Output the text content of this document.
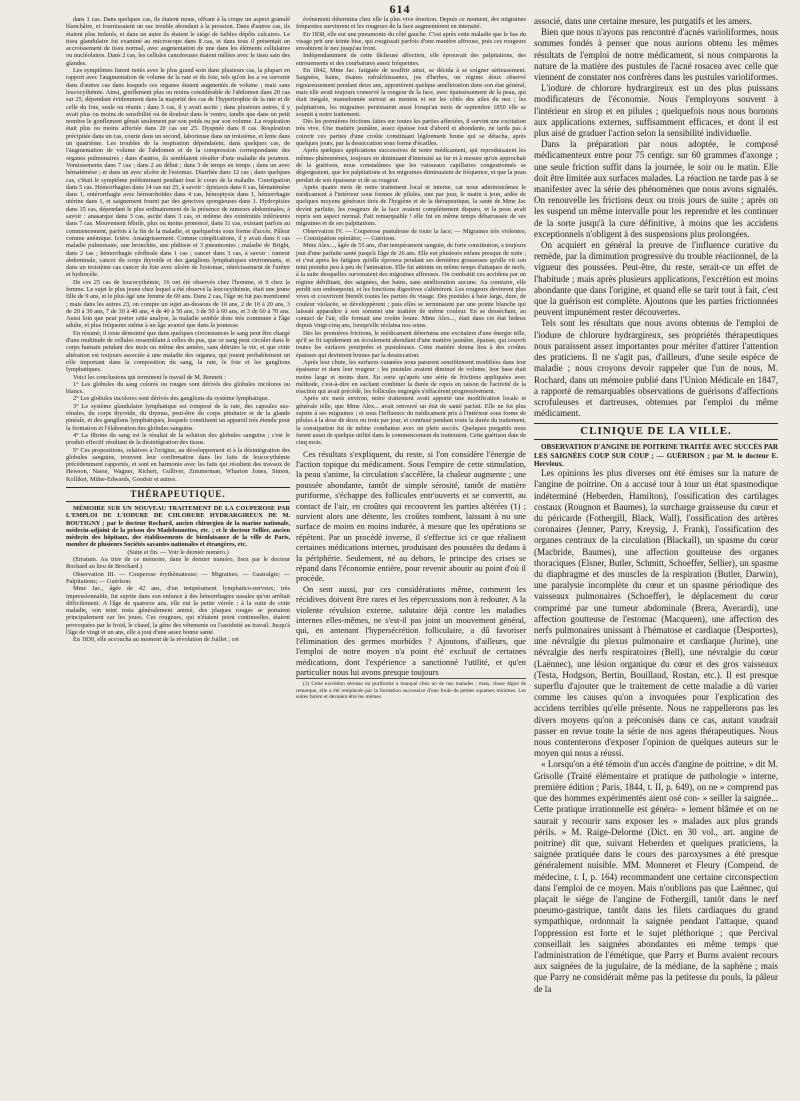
614

dans 1 cas. Dans quelques cas, ils étaient mous, offrant à la coupe un aspect granulé blanchâtre, et fournissaient un suc trouble abondant à la pression. Dans d'autres cas, ils étaient plus indurés, et dans un autre ils étaient le siége de faibles dépôts calcaires. Le tissu glandulaire fut examiné au microscope dans 8 cas, et dans tous il présentait un accroissement de tissu normal, avec augmentation de une dans les éléments cellulaires ou nucléolaires. Dans 2 cas, les cellules cancéreuses étaient mêlées avec le tissu sain des glandes.

Les symptômes furent notés avec le plus grand soin dans plusieurs cas, la plupart en rapport avec l'augmentation de volume de la rate et du foie, tels qu'on les a vu survenir dans d'autres cas dans lesquels ces organes étaient augmentés de volume ; mais sans leucocythémie. Ainsi, gonflement plus ou moins considérable de l'abdomen dans 20 cas sur 25, dépendant évidemment dans la majorité des cas de l'hypertrophie de la rate et de celle du foie, seule ou réunie ; dans 5 cas, il y avait ascite ; dans plusieurs autres, il y avait plus ou moins de sensibilité ou de douleur dans le ventre, tandis que dans un petit nombre le gonflement gênait seulement par son poids ou par son volume. La respiration était plus ou moins affectée dans 20 cas sur 25. Dyspnée dans 8 cas. Respiration précipitée dans un cas, courte dans un second, laborieuse dans un troisième, et lente dans un quatrième. Les troubles de la respiration dépendaient, dans quelques cas, de l'augmentation de volume de l'abdomen et de la compression correspondante des organes pulmonaires ; dans d'autres, ils semblaient résulter d'une maladie du poumon. Vomissements dans 7 cas ; dans 2 au début ; dans 3 de temps en temps ; dans un avec hématémèse ; et dans un avec ulcère de l'estomac. Diarrhée dans 12 cas ; dans quelques cas, c'était le symptôme prédominant pendant tout le cours de la maladie. Constipation dans 5 cas. Hémorrhagies dans 14 cas sur 25, à savoir : épistaxis dans 6 cas, hématémèse dans 1, entérorrhagie avec hémorrhoïdes dans 4 cas, hémoptysie dans 1, hémorrhagie utérine dans 1, et saignement fourni par des gencives spongieuses dans 1. Hydropisies dans 15 cas, dépendant le plus ordinairement de la présence de tumeurs abdominales, à savoir : anasarque dans 3 cas, ascite dans 3 cas, et œdème des extrémités inférieures dans 7 cas. Mouvement fébrile, plus ou moins prononcé, dans 11 cas, existant parfois au commencement, parfois à la fin de la maladie, et quelquefois sous forme d'accès. Pâleur comme anémique. Ictère. Amaigrissement. Comme complications, il y avait dans 6 cas maladie pulmonaire, une bronchite, une phthisie et 3 pneumonies ; maladie de Bright, dans 2 cas ; hémorrhagie cérébrale dans 1 cas ; cancer dans 3 cas, à savoir : tumeur abdominale, cancer du corps thyroïde et des ganglions lymphatiques environnants, et dans un troisième cas cancer du foie avec ulcère de l'estomac, rétrécissement de l'urètre et hydrocèle.

De ces 25 cas de leucocythémie, 16 ont été observés chez l'homme, et 9 chez la femme. Le sujet le plus jeune chez lequel a été observé la leucocythémie, était une jeune fille de 9 ans, et le plus âgé une femme de 69 ans. Dans 2 cas, l'âge ne fut pas mentionné ; mais dans les autres 23, on compte un sujet au-dessous de 10 ans, 2 de 10 à 20 ans, 3 de 20 à 30 ans, 7 de 30 à 40 ans, 4 de 40 à 50 ans, 3 de 50 à 60 ans, et 3 de 60 à 70 ans. Aussi loin que peut porter cette analyse, la maladie semble donc très commune à l'âge adulte, et plus fréquente même à un âge avancé que dans la jeunesse.

En résumé, il reste démontré que dans quelques circonstances le sang peut être chargé d'une multitude de cellules ressemblant à celles du pus, que ce sang peut circuler dans le corps humain pendant des mois ou même des années, sans détruire la vie, et que cette altération est toujours associée à une maladie des organes, qui jouent probablement un rôle important dans la composition du sang, la rate, le foie et les ganglions lymphatiques.

Voici les conclusions qui terminent le travail de M. Bennett :

1° Les globules du sang colorés ou rouges sont dérivés des globules incolores ou blancs.

2° Les globules incolores sont dérivés des ganglions du système lymphatique.

3° Le système glandulaire lymphatique est composé de la rate, des capsules sus-rénales, du corps thyroïde, du thymus, peut-être du corps pituitaire et de la glande pinéale, et des ganglions lymphatiques, lesquels constituent un appareil très étendu pour la formation et l'élaboration des globules sanguins.

4° La fibrine du sang est le résultat de la solution des globules sanguins ; c'est le produit effectif résultant de la désintégration des tissus.

5° Ces propositions, relatives à l'origine, au développement et à la désintégration des globules sanguins, trouvent leur confirmation dans les faits de leucocythémie précédemment rapportés, et sont en harmonie avec les faits qui résultent des travaux de Hewson, Nasse, Wagner, Richert, Gulliver, Zimmerman, Wharton Jones, Simon, Kolliker, Milne-Edwards, Goodsir et autres.

THÉRAPEUTIQUE.

MÉMOIRE SUR UN NOUVEAU TRAITEMENT DE LA COUPEROSE PAR L'EMPLOI DE L'IODURE DE CHLORURE HYDRARGIREUX DE M. BOUTIGNY ; par le docteur Rochard, ancien chirurgien de la marine nationale, médecin-adjoint de la prison des Madelonnettes, etc. ; et le docteur Sellier, ancien médecin des hôpitaux, des établissements de bienfaisance de la ville de Paris, membre de plusieurs Sociétés savantes nationales et étrangères, etc.

(Suite et fin. — Voir le dernier numéro.)

(Erratum. Au titre de ce mémoire, dans le dernier numéro, lisez par le docteur Rochard au lieu de Brochard.)

Observation III. — Couperose érythémateuse; — Migraines; — Gastralgie; — Palpitations; — Guérison.

Mme Jac., âgée de 42 ans, d'un tempérament lymphatico-nerveux, très impressionnable, fut sujette dans son enfance à des hémorrhagies nasales qu'on arrêtait difficilement. A l'âge de quatorze ans, elle eut la petite vérole ; à la suite de cette maladie, son teint resta généralement animé, des plaques rouges se portaient principalement sur les joues. Ces rougeurs, qui n'étaient point continuelles, étaient provoquées par le froid, le chaud, la gêne des vêtements ou l'assiduité au travail. Jusqu'à l'âge de vingt et un ans, elle a joui d'une assez bonne santé.

En 1830, elle accoucha au moment de la révolution de Juillet ; cet

événement détermina chez elle la plus vive émotion. Depuis ce moment, des migraines fréquentes survinrent et les rougeurs de la face augmentèrent en intensité.

En 1838, elle eut une pneumonie du côté gauche. C'est après cette maladie que le bas du visage prit une teinte bise, qui rougissait parfois d'une manière affreuse, puis ces rougeurs envahirent le nez jusqu'au front.

Indépendamment de cette fâcheuse affection, elle éprouvait des palpitations, des enrouements et des courbatures assez fréquentes.

En 1842, Mme Jac. fatiguée de souffrir ainsi, se décida à se soigner sérieusement. Saignées, bains, tisanes rafraîchissantes, jus d'herbes, un régime doux observé rigoureusement pendant deux ans, apportèrent quelque amélioration dans son état général, mais elle avait toujours conservé la rougeur de la face, avec épaississement de la peau, qui était inégale, mamelonnée surtout au menton et sur les côtés des ailes du nez ; les palpitations, les migraines persistaient aussi lorsqu'au mois de septembre 1850 elle se soumit à notre traitement.

Dès les premières frictions faites sur toutes les parties affectées, il survint une excitation très vive. Une matière jaunâtre, assez épaisse tout d'abord et abondante, ne tarda pas à couvrir ces parties d'une croûte constituant légèrement brune qui se détacha, après quelques jours, par la dessiccation sous forme d'écailles.

Après quelques applications successives de notre médicament, qui reproduisaient les mêmes phénomènes, toujours en diminuant d'intensité au fur et à mesure qu'on approchait de la guérison, nous constatâmes que les vaisseaux capillaires congestionnés se dégorgeaient, que les palpitations et les migraines diminuaient de fréquence, et que la peau perdait de son épaisseur et de sa rougeur.

Après quatre mois de notre traitement local et interne, car nous administrâmes le médicament à l'intérieur sous formes de pilules, une par jour, le matin à jeun, aidée de quelques moyens généraux tirés de l'hygiène et de la thérapeutique, la santé de Mme Jac devint parfaite, les rougeurs de la face avaient complètement disparu, et la peau avait repris son aspect normal. Fait remarquable ! elle fut en même temps débarrassée de ses migraines et de ses palpitations.

Observation IV. — Couperose pustuleuse de toute la face; — Migraines très violentes; — Constipation opiniâtre; — Guérison.

Mme Alex..., âgée de 55 ans, d'un tempérament sanguin, de forte constitution, a toujours joui d'une parfaite santé jusqu'à l'âge de 26 ans. Elle eut plusieurs enfans presque de suite ; et c'est après les fatigues qu'elle éprouva pendant ses dernières grossesses qu'elle vit son teint prendre peu à peu de l'animation. Elle fut atteinte en même temps d'attaques de nerfs, à la suite desquelles survenaient des migraines affreuses. On combattit ces accidens par un régime débilitant, des saignées, des bains, sans amélioration aucune. Au contraire, elle perdit son embonpoint, et les fonctions digestives s'altérèrent. Les rougeurs devinrent plus vives et couvrirent bientôt toutes les parties du visage. Des pustules à base large, dure, de couleur violacée, se développèrent ; puis elles se terminaient par une pointe blanche qui laissait apparaître à son sommet une matière de même couleur. En se desséchant, au contact de l'air, elle formait une croûte brune. Mme Alex..., était dans cet état hideux depuis vingt-cinq ans, lorsqu'elle réclama nos soins.

Dès les premières frictions, le médicament détermina une excitation d'une énergie telle, qu'il se fit rapidement un écoulement abondant d'une matière jaunâtre, épaisse, qui couvrit toutes les surfaces pourprées et pustuleuses. Cette matière donna lieu à des croûtes épaisses qui devinrent brunes par la dessiccation.

Après leur chute, les surfaces cutanées nous parurent sensiblement modifiées dans leur épaisseur et dans leur rougeur ; les pustules avaient diminué de volume, leur base était moins large et moins dure. En sorte qu'après une série de frictions appliquées avec méthode, c'est-à-dire en suchant combiner la durée de repos en raison de l'activité de la réaction qui avait précédé, les follicules engorgés s'effacèrent progressivement.

Après six mois environ, notre traitement avait apporté une modification locale et générale telle, que Mme Alex... avait retrouvé un état de santé parfait. Elle ne fut plus sujette à ses migraines ; et sous l'influence du médicament pris à l'intérieur sous forme de pilules à la dose de deux ou trois par jour, et continué pendant toute la durée du traitement, la constipation fut de même combattue avec un plein succès. Quelques purgatifs nous furent aussi de quelque utilité dans le commencement du traitement. Cette guérison date de cinq mois.

Ces résultats s'expliquent, du reste, si l'on considère l'énergie de l'action topique du médicament. Sous l'empire de cette stimulation, la peau s'anime, la circulation s'accélère, la chaleur augmente ; une poussée abondante, tantôt de simple sérosité, tantôt de matière puriforme, s'échappe des follicules entr'ouverts et se convertit, au contact de l'air, en croûtes qui recouvrent les parties altérées (1) ; survient alors une détente, les croûtes tombent, laissant à nu une surface de moins en moins indurée, à mesure que les opérations se répètent. Par un procédé inverse, il s'effectue ici ce que réalisent certaines médications internes, produisant des poussées du dedans à la périphérie. Seulement, né au dehors, le principe des crises se répand dans l'économie entière, pour revenir aboutir au point d'où il procède.

On sent aussi, par ces considérations même, comment les récidives doivent être rares et les répercussions non à redouter. A la violente révulsion externe, salutaire déjà contre les maladies internes elles-mêmes, ne s'est-il pas joint un mouvement général, qui, en amenant l'hypersécrétion folliculaire, a dû favoriser l'élimination des germes morbides ? Ajoutons, d'ailleurs, que l'emploi de notre moyen n'a point été exclusif de certaines médications, dont l'expérience a sanctionné l'utilité, et qu'en particulier nous lui avons presque toujours

(1) Cette excrétion séreuse ou puriforme a manqué chez un de nos malades ; mais, chose digne de remarque, elle a été remplacée par la formation successive d'une foule de petites squames minimes. Les suites furent et devaient être les mêmes.

associé, dans une certaine mesure, les purgatifs et les amers.

Bien que nous n'ayons pas rencontré d'acnés varioliformes, nous sommes fondés à penser que nous aurions obtenu les mêmes résultats de l'emploi de notre médicament, si nous comparons la nature de la matière des pustules de l'acné rosacea avec celle que viennent de constater nos confrères dans les pustules varioliformes.

L'iodure de chlorure hydrargireux est un des plus puissans modificateurs de l'économie. Nous l'employons souvent à l'intérieur en sirop et en pilules ; quelquefois nous nous bornons aux applications externes, suffisamment efficaces, et dont il est plus aisé de graduer l'action selon la sensibilité individuelle.

Dans la préparation par nous adoptée, le composé médicamenteux entre pour 75 centigr. sur 60 grammes d'axonge ; une seule friction suffit dans la journée, le soir ou le matin. Elle doit être limitée aux surfaces malades. La réaction ne tarde pas à se manifester avec la série des phénomènes que nous avons signalés. On renouvelle les frictions deux ou trois jours de suite ; après on les suspend un même intervalle pour les reprendre et les continuer de la sorte jusqu'à la cure définitive, à moins que les accidens exceptionnels n'obligent à des suspensions plus prolongées.

On acquiert en général la preuve de l'influence curative du remède, par la diminution progressive du trouble réactionnel, de la vigueur des poussées. Peut-être, du reste, serait-ce un effet de l'habitude ; mais après plusieurs applications, l'excrétion est moins abondante que dans l'origine, et quand elle se tarit tout à fait, c'est que la guérison est complète. Ajoutons que les parties frictionnées peuvent impunément rester découvertes.

Tels sont les résultats que nous avons obtenus de l'emploi de l'iodure de chlorure hydrargireux, ses propriétés thérapeutiques nous paraissent assez importantes pour mériter d'attirer l'attention des praticiens. Il ne s'agit pas, d'ailleurs, d'une seule espèce de maladie ; nous croyons devoir rappeler que l'un de nous, M. Rochard, dans un mémoire publié dans l'Union Médicale en 1847, a rapporté de remarquables observations de guérisons d'affections scrofuleuses et dartreuses, obtenues par l'emploi du même médicament.

CLINIQUE DE LA VILLE.

OBSERVATION D'ANGINE DE POITRINE TRAITÉE AVEC SUCCÈS PAR LES SAIGNÉES COUP SUR COUP ; — GUÉRISON ; par M. le docteur E. Hervieux.

Les opinions les plus diverses ont été émises sur la nature de l'angine de poitrine. On a accusé tour à tour un état spasmodique indéterminé (Heberden, Hamilton), l'ossification des cartilages costaux (Rougnon et Baumes), la surcharge graisseuse du cœur et du péricarde (Fothergill, Black, Wall), l'ossification des artères coronaires (Jenner, Parry, Kreysig, J. Frank), l'ossification des organes centraux de la circulation (Blackall), un spasme du cœur (Macbride, Baumes), une affection goutteuse des organes thoraciques (Elsner, Butler, Schmitt, Schoeffer, Sellier), un spasme du diaphragme et des muscles de la respiration (Butler, Darwin), une paralysie incomplète du cœur et un spasme périodique des vaisseaux pulmonaires (Schoeffer), le déplacement du cœur comprimé par une tumeur abdominale (Brera, Averardi), une affection goutteuse de l'estomac (Macqueen), une affection des nerfs pulmonaires unissant à l'hématose et cardiaque (Desportes), une névralgie du plexus pulmonaire et cardiaque (Jurine), une névralgie des nerfs respiratoires (Bell), une névralgie du cœur (Laënnec), une lésion organique du cœur et des gros vaisseaux (Testa, Hodgson, Bertin, Bouillaud, Rostan, etc.). Il est presque superflu d'ajouter que le traitement de cette maladie a dû varier comme les causes qu'on a invoquées pour l'explication des accidens terribles qu'elle présente. Nous ne rappellerons pas les divers moyens qu'on a préconisés dans ce cas, autant vaudrait passer en revue toute la série de nos agens thérapeutiques. Nous nous contenterons d'exposer l'opinion de quelques auteurs sur le moyen qui nous a réussi.

« Lorsqu'on a été témoin d'un accès d'angine de poitrine, » dit M. Grisolle (Traité élémentaire et pratique de pathologie » interne, première édition ; Paris, 1844, t. II, p. 649), on ne » comprend pas que des hommes expérimentés aient osé con- » seiller la saignée... Cette pratique irrationnelle est généra- » lement blâmée et on ne saurait y recourir sans exposer les » malades aux plus grands périls. » M. Raige-Delorme (Dict. en 30 vol., art. angine de poitrine) dit que, suivant Heberden et quelques praticiens, la saignée pratiquée dans le cours des paroxysmes a été presque généralement nuisible. MM. Monneret et Fleury (Compend. de médecine, t. I, p. 164) recommandent une certaine circonspection dans l'emploi de ce moyen. Mais n'oublions pas que Laënnec, qui plaçait le siége de l'angine de Fothergill, tantôt dans le nerf pneumo-gastrique, tantôt dans les filets cardiaques du grand sympathique, ordonnait la saignée pendant l'attaque, quand l'oppression est forte et le sujet pléthorique ; que Percival conseillait les saignées abondantes en même temps que l'administration de l'émétique, que Parry et Burns avaient recours aux saignées de la jugulaire, de la médiane, de la saphène ; mais que Parry ne considérait même pas la petitesse du pouls, la pâleur de la
